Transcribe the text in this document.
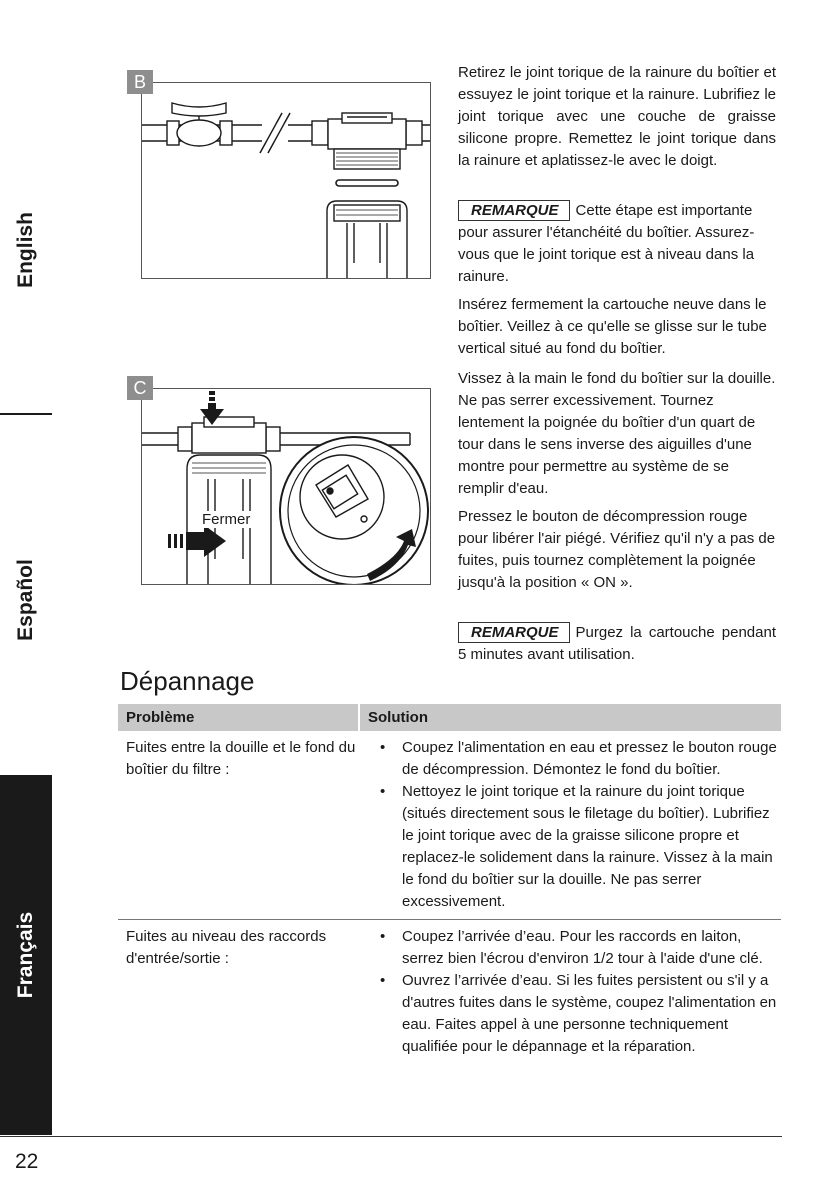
English
Español
Français
B
Fermer
C

Retirez le joint torique de la rainure du boîtier et essuyez le joint torique et la rainure. Lubrifiez le joint torique avec une couche de graisse silicone propre. Remettez le joint torique dans la rainure et aplatissez-le avec le doigt.

REMARQUE Cette étape est importante pour assurer l'étanchéité du boîtier. Assurez-vous que le joint torique est à niveau dans la rainure.

Insérez fermement la cartouche neuve dans le boîtier. Veillez à ce qu'elle se glisse sur le tube vertical situé au fond du boîtier.

Vissez à la main le fond du boîtier sur la douille. Ne pas serrer excessivement. Tournez lentement la poignée du boîtier d'un quart de tour dans le sens inverse des aiguilles d'une montre pour permettre au système de se remplir d'eau.

Pressez le bouton de décompression rouge pour libérer l'air piégé. Vérifiez qu'il n'y a pas de fuites, puis tournez complètement la poignée jusqu'à la position « ON ».

REMARQUE Purgez la cartouche pendant 5 minutes avant utilisation.

Dépannage
Problème	Solution
Fuites entre la douille et le fond du boîtier du filtre :
• Coupez l'alimentation en eau et pressez le bouton rouge de décompression. Démontez le fond du boîtier.
• Nettoyez le joint torique et la rainure du joint torique (situés directement sous le filetage du boîtier). Lubrifiez le joint torique avec de la graisse silicone propre et replacez-le solidement dans la rainure. Vissez à la main le fond du boîtier sur la douille. Ne pas serrer excessivement.
Fuites au niveau des raccords d'entrée/sortie :
• Coupez l’arrivée d’eau. Pour les raccords en laiton, serrez bien l'écrou d'environ 1/2 tour à l'aide d'une clé.
• Ouvrez l’arrivée d’eau. Si les fuites persistent ou s'il y a d'autres fuites dans le système, coupez l'alimentation en eau. Faites appel à une personne techniquement qualifiée pour le dépannage et la réparation.
22
